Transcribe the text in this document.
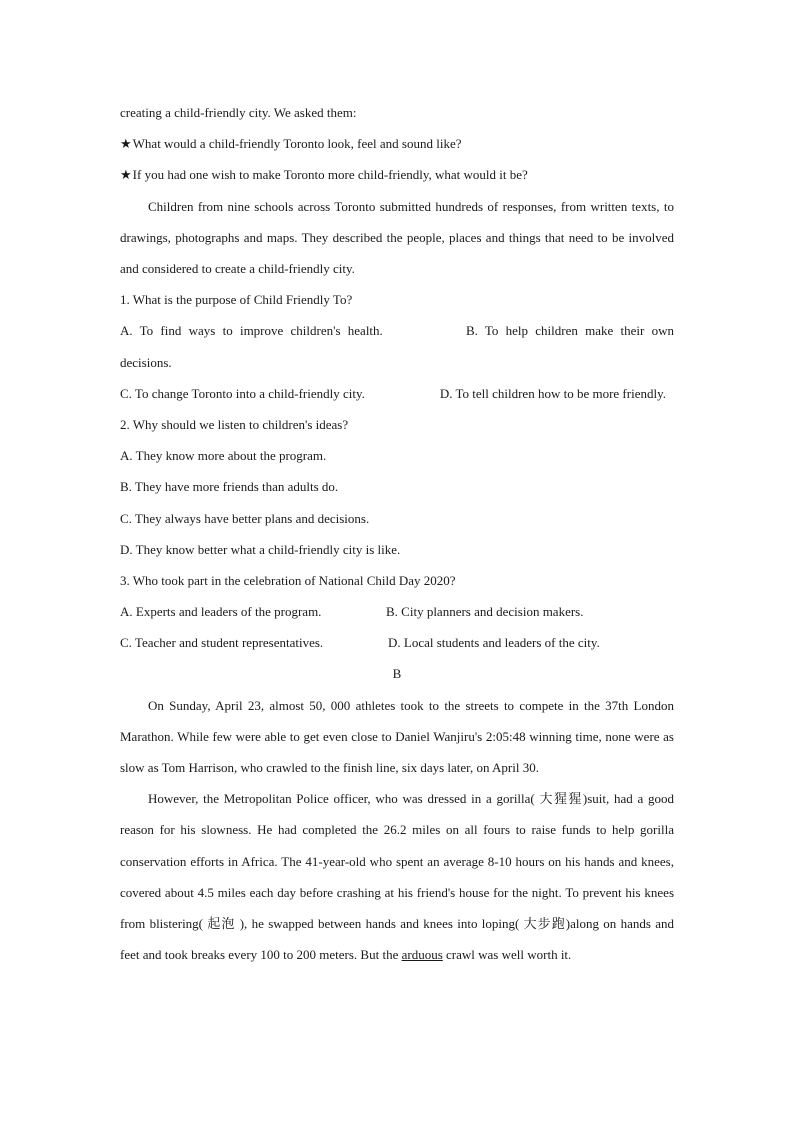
creating a child-friendly city. We asked them:
★What would a child-friendly Toronto look, feel and sound like?
★If you had one wish to make Toronto more child-friendly, what would it be?
Children from nine schools across Toronto submitted hundreds of responses, from written texts, to drawings, photographs and maps. They described the people, places and things that need to be involved and considered to create a child-friendly city.
1. What is the purpose of Child Friendly To?
A. To find ways to improve children's health.	B. To help children make their own
decisions.
C. To change Toronto into a child-friendly city.	D. To tell children how to be more friendly.
2. Why should we listen to children's ideas?
A. They know more about the program.
B. They have more friends than adults do.
C. They always have better plans and decisions.
D. They know better what a child-friendly city is like.
3. Who took part in the celebration of National Child Day 2020?
A. Experts and leaders of the program.	B. City planners and decision makers.
C. Teacher and student representatives.	D. Local students and leaders of the city.
B
On Sunday, April 23, almost 50, 000 athletes took to the streets to compete in the 37th London Marathon. While few were able to get even close to Daniel Wanjiru's 2:05:48 winning time, none were as slow as Tom Harrison, who crawled to the finish line, six days later, on April 30.
However, the Metropolitan Police officer, who was dressed in a gorilla( 大猩猩)suit, had a good reason for his slowness. He had completed the 26.2 miles on all fours to raise funds to help gorilla conservation efforts in Africa. The 41-year-old who spent an average 8-10 hours on his hands and knees, covered about 4.5 miles each day before crashing at his friend's house for the night. To prevent his knees from blistering( 起泡 ), he swapped between hands and knees into loping( 大步跑)along on hands and feet and took breaks every 100 to 200 meters. But the arduous crawl was well worth it.
